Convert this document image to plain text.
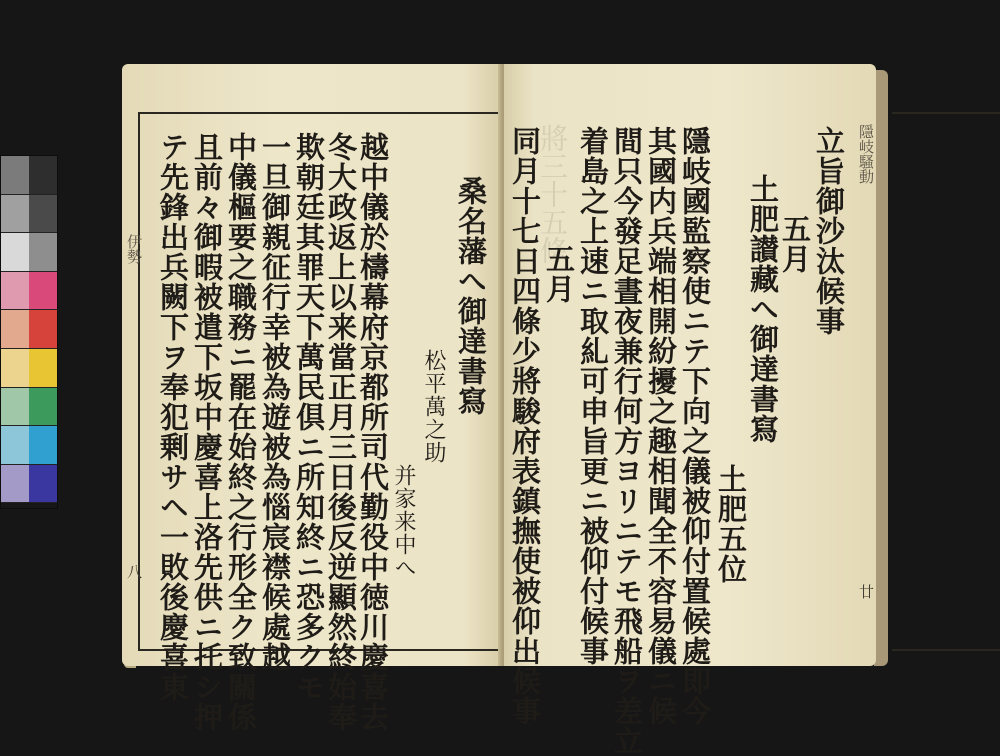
伊勢
八
桑名藩へ御達書寫
松平萬之助
并家来中へ
越中儀於檮幕府京都所司代勤役中徳川慶喜去
冬大政返上以来當正月三日後反逆顯然終始奉
欺朝廷其罪天下萬民倶ニ所知終ニ恐多クモ
一旦御親征行幸被為遊被為惱宸襟候處越
中儀樞要之職務ニ罷在始終之行形全ク致關係
且前々御暇被遣下坂中慶喜上洛先供ニ托シ押
テ先鋒出兵闕下ヲ奉犯剰サヘ一敗後慶喜東	將三十五條	隱岐騷動
廿
立旨御沙汰候事
五月
土肥讃藏へ御達書寫
土肥五位
隱岐國監察使ニテ下向之儀被仰付置候處即今
其國内兵端相開紛擾之趣相聞全不容易儀ニ候
間只今發足晝夜兼行何方ヨリニテモ飛船ヲ差立
着島之上速ニ取糺可申旨更ニ被仰付候事
五月
同月十七日四條少將駿府表鎮撫使被仰出候事
